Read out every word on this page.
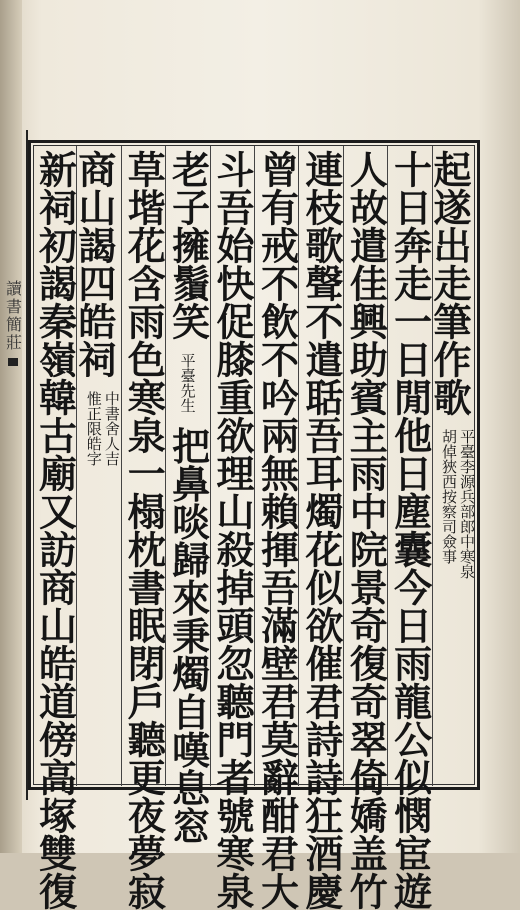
讀書簡莊	起遂出走筆作歌
平臺李源兵部郎中寒泉
胡倬狹西按察司僉事
十日奔走一日閒他日塵囊今日雨龍公似憫宦遊
人故遣佳興助賓主雨中院景奇復奇翠倚嬌盖竹
連枝歌聲不遣聒吾耳燭花似欲催君詩詩狂酒慶
曾有戒不飲不吟兩無賴揮吾滿壁君莫辭酣君大
斗吾始快促膝重欲理山殺掉頭忽聽門者號寒泉
老子擁鬚笑
平臺先生
把鼻啖歸來秉燭自嘆息窓
草堦花含雨色寒泉一榻枕書眠閉戶聽更夜夢寂
商山謁四皓祠
中書舍人吉
惟正限皓字
新祠初謁秦嶺韓古廟又訪商山皓道傍高塚雙復
